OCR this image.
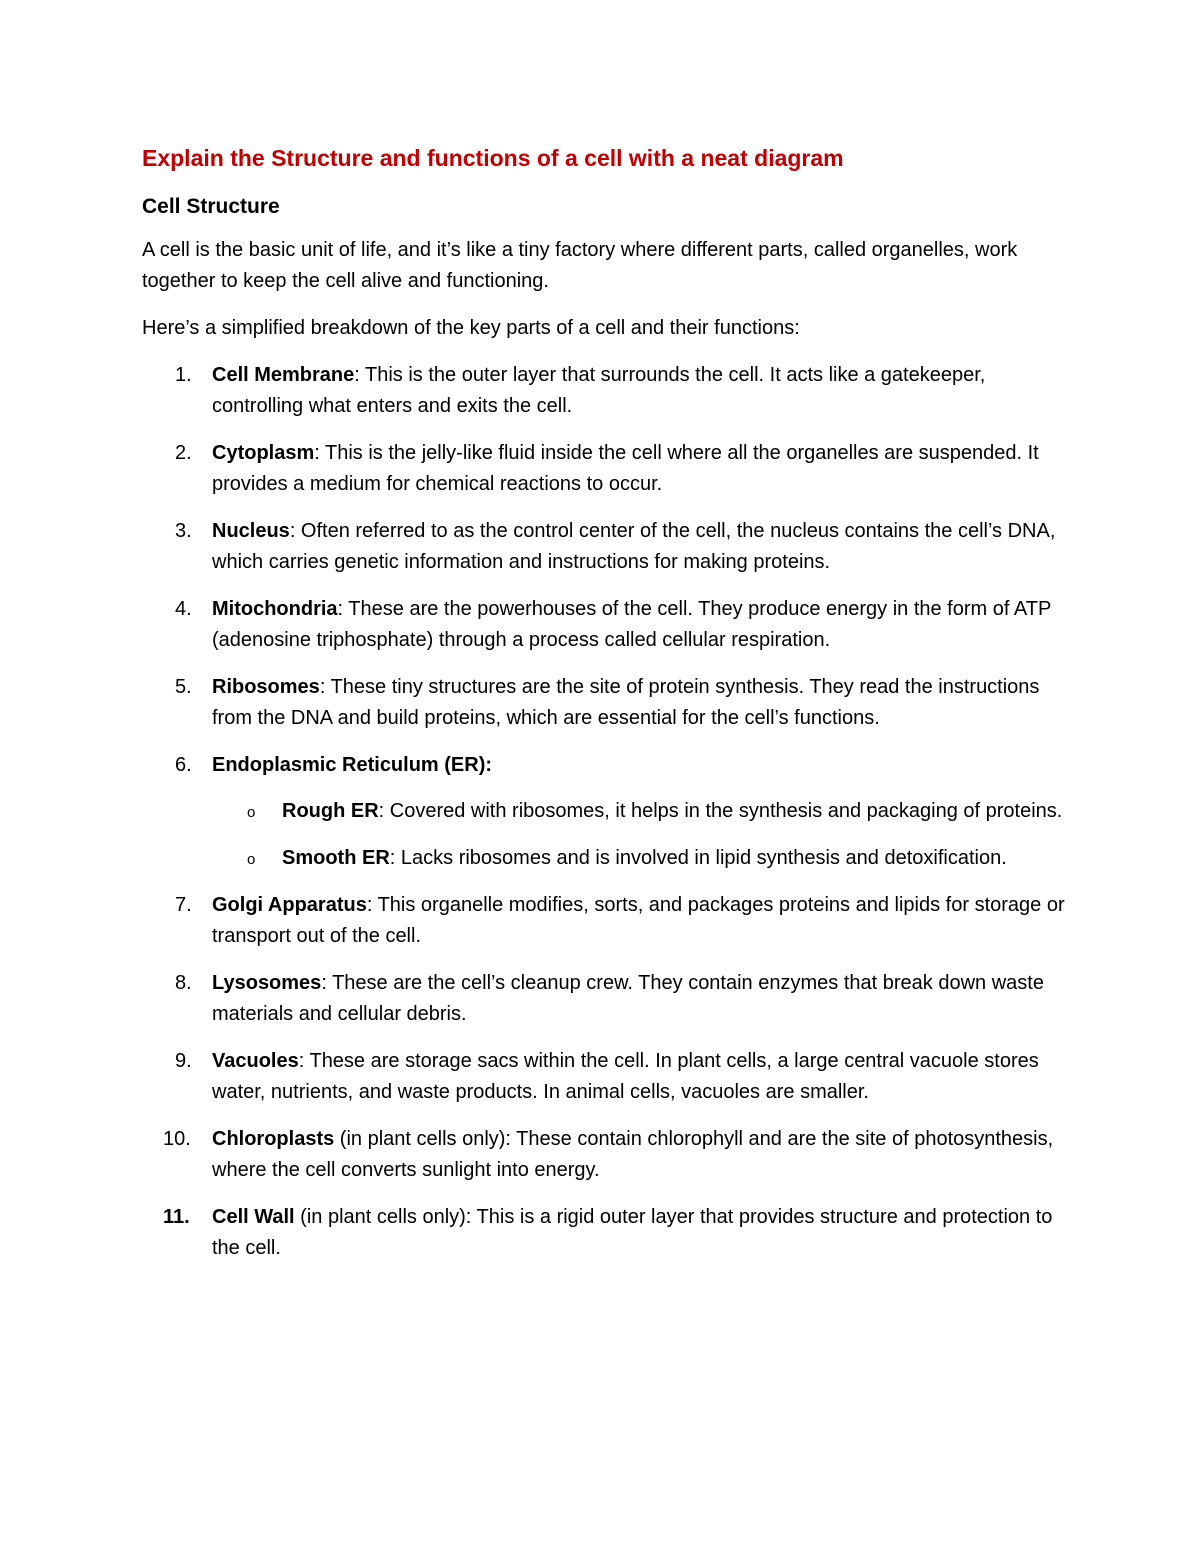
Explain the Structure and functions of a cell with a neat diagram
Cell Structure

A cell is the basic unit of life, and it’s like a tiny factory where different parts, called organelles, work together to keep the cell alive and functioning.

Here’s a simplified breakdown of the key parts of a cell and their functions:

1. Cell Membrane: This is the outer layer that surrounds the cell. It acts like a gatekeeper, controlling what enters and exits the cell.
2. Cytoplasm: This is the jelly-like fluid inside the cell where all the organelles are suspended. It provides a medium for chemical reactions to occur.
3. Nucleus: Often referred to as the control center of the cell, the nucleus contains the cell’s DNA, which carries genetic information and instructions for making proteins.
4. Mitochondria: These are the powerhouses of the cell. They produce energy in the form of ATP (adenosine triphosphate) through a process called cellular respiration.
5. Ribosomes: These tiny structures are the site of protein synthesis. They read the instructions from the DNA and build proteins, which are essential for the cell’s functions.
6. Endoplasmic Reticulum (ER):
o Rough ER: Covered with ribosomes, it helps in the synthesis and packaging of proteins.
o Smooth ER: Lacks ribosomes and is involved in lipid synthesis and detoxification.
7. Golgi Apparatus: This organelle modifies, sorts, and packages proteins and lipids for storage or transport out of the cell.
8. Lysosomes: These are the cell’s cleanup crew. They contain enzymes that break down waste materials and cellular debris.
9. Vacuoles: These are storage sacs within the cell. In plant cells, a large central vacuole stores water, nutrients, and waste products. In animal cells, vacuoles are smaller.
10. Chloroplasts (in plant cells only): These contain chlorophyll and are the site of photosynthesis, where the cell converts sunlight into energy.
11. Cell Wall (in plant cells only): This is a rigid outer layer that provides structure and protection to the cell.
